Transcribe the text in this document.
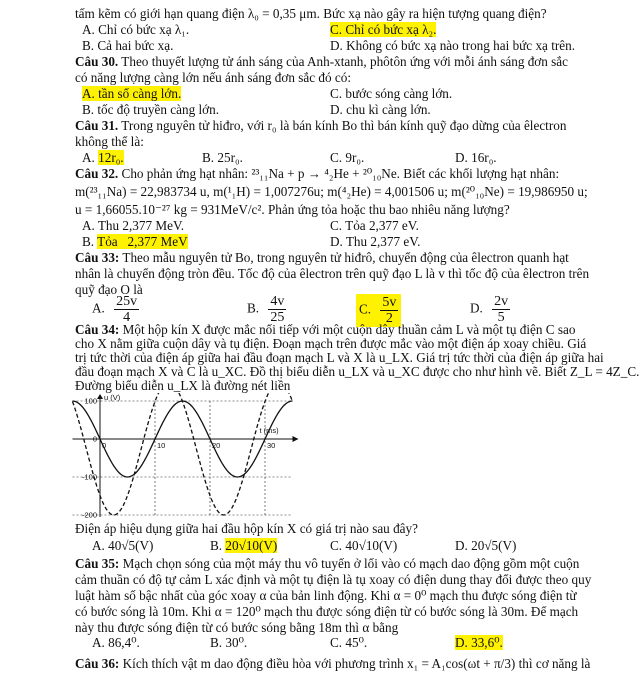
tấm kẽm có giới hạn quang điện λ₀ = 0,35 μm. Bức xạ nào gây ra hiện tượng quang điện?
A. Chỉ có bức xạ λ₁.	C. Chỉ có bức xạ λ₂.
B. Cả hai bức xạ.	D. Không có bức xạ nào trong hai bức xạ trên.
Câu 30. Theo thuyết lượng tử ánh sáng của Anh-xtanh, phôtôn ứng với mỗi ánh sáng đơn sắc
có năng lượng càng lớn nếu ánh sáng đơn sắc đó có:
A. tần số càng lớn.	C. bước sóng càng lớn.
B. tốc độ truyền càng lớn.	D. chu kì càng lớn.
Câu 31. Trong nguyên tử hiđro, với r₀ là bán kính Bo thì bán kính quỹ đạo dừng của êlectron
không thể là:
A. 12r₀.	B. 25r₀.	C. 9r₀.	D. 16r₀.
Câu 32. Cho phản ứng hạt nhân: ²³₁₁Na + p → ⁴₂He + ²⁰₁₀Ne. Biết các khối lượng hạt nhân:
m(²³₁₁Na) = 22,983734 u, m(¹₁H) = 1,007276u; m(⁴₂He) = 4,001506 u; m(²⁰₁₀Ne) = 19,986950 u;
u = 1,66055.10⁻²⁷ kg = 931MeV/c². Phản ứng tỏa hoặc thu bao nhiêu năng lượng?
A. Thu 2,377 MeV.	C. Tỏa 2,377 eV.
B. Tỏa   2,377 MeV	D. Thu 2,377 eV.
Câu 33: Theo mẫu nguyên tử Bo, trong nguyên tử hiđrô, chuyển động của êlectron quanh hạt
nhân là chuyển động tròn đều. Tốc độ của êlectron trên quỹ đạo L là v thì tốc độ của êlectron trên
quỹ đạo O là
A. $\frac{25v}{4}$	B. $\frac{4v}{25}$	C. $\frac{5v}{2}$	D. $\frac{2v}{5}$
Câu 34: Một hộp kín X được mắc nối tiếp với một cuộn dây thuần cảm L và một tụ điện C sao
cho X nằm giữa cuộn dây và tụ điện. Đoạn mạch trên được mắc vào một điện áp xoay chiều. Giá
trị tức thời của điện áp giữa hai đầu đoạn mạch L và X là u_LX. Giá trị tức thời của điện áp giữa hai
đầu đoạn mạch X và C là u_XC. Đồ thị biểu diễn u_LX và u_XC được cho như hình vẽ. Biết Z_L = 4Z_C.
Đường biểu diễn u_LX là đường nét liền
100
0
-100
-200
0	10	20	30
u (V)
t (ms)
Điện áp hiệu dụng giữa hai đầu hộp kín X có giá trị nào sau đây?
A. 40√5(V)	B. 20√10(V)	C. 40√10(V)	D. 20√5(V)
Câu 35: Mạch chọn sóng của một máy thu vô tuyến ở lối vào có mạch dao động gồm một cuộn
cảm thuần có độ tự cảm L xác định và một tụ điện là tụ xoay có điện dung thay đổi được theo quy
luật hàm số bậc nhất của góc xoay α của bản linh động. Khi α = 0⁰ mạch thu được sóng điện từ
có bước sóng là 10m. Khi α = 120⁰ mạch thu được sóng điện từ có bước sóng là 30m. Để mạch
này thu được sóng điện từ có bước sóng bằng 18m thì α bằng
A. 86,4⁰.	B. 30⁰.	C. 45⁰.	D. 33,6⁰.
Câu 36: Kích thích vật m dao động điều hòa với phương trình x₁ = A₁cos(ωt + π/3) thì cơ năng là
